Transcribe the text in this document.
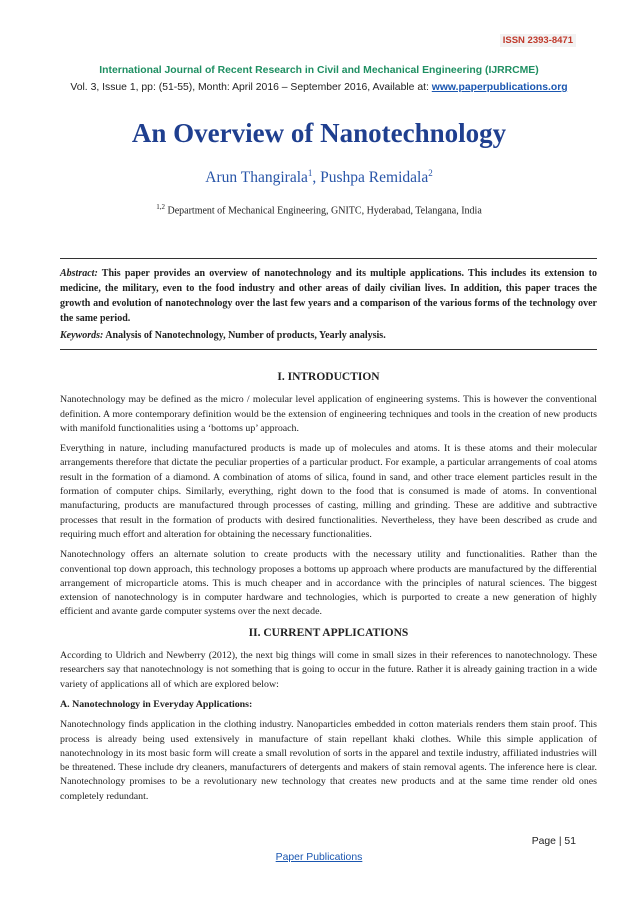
ISSN 2393-8471
International Journal of Recent Research in Civil and Mechanical Engineering (IJRRCME)
Vol. 3, Issue 1, pp: (51-55), Month: April 2016 – September 2016, Available at: www.paperpublications.org
An Overview of Nanotechnology
Arun Thangirala$^1$, Pushpa Remidala$^2$
$^{1,2}$ Department of Mechanical Engineering, GNITC, Hyderabad, Telangana, India
Abstract: This paper provides an overview of nanotechnology and its multiple applications. This includes its extension to medicine, the military, even to the food industry and other areas of daily civilian lives. In addition, this paper traces the growth and evolution of nanotechnology over the last few years and a comparison of the various forms of the technology over the same period.
Keywords: Analysis of Nanotechnology, Number of products, Yearly analysis.
I. INTRODUCTION

Nanotechnology may be defined as the micro / molecular level application of engineering systems. This is however the conventional definition. A more contemporary definition would be the extension of engineering techniques and tools in the creation of new products with manifold functionalities using a ‘bottoms up’ approach.

Everything in nature, including manufactured products is made up of molecules and atoms. It is these atoms and their molecular arrangements therefore that dictate the peculiar properties of a particular product. For example, a particular arrangements of coal atoms result in the formation of a diamond. A combination of atoms of silica, found in sand, and other trace element particles result in the formation of computer chips. Similarly, everything, right down to the food that is consumed is made of atoms. In conventional manufacturing, products are manufactured through processes of casting, milling and grinding. These are additive and subtractive processes that result in the formation of products with desired functionalities. Nevertheless, they have been described as crude and requiring much effort and alteration for obtaining the necessary functionalities.

Nanotechnology offers an alternate solution to create products with the necessary utility and functionalities. Rather than the conventional top down approach, this technology proposes a bottoms up approach where products are manufactured by the differential arrangement of microparticle atoms. This is much cheaper and in accordance with the principles of natural sciences. The biggest extension of nanotechnology is in computer hardware and technologies, which is purported to create a new generation of highly efficient and avante garde computer systems over the next decade.

II. CURRENT APPLICATIONS

According to Uldrich and Newberry (2012), the next big things will come in small sizes in their references to nanotechnology. These researchers say that nanotechnology is not something that is going to occur in the future. Rather it is already gaining traction in a wide variety of applications all of which are explored below:

A. Nanotechnology in Everyday Applications:

Nanotechnology finds application in the clothing industry. Nanoparticles embedded in cotton materials renders them stain proof. This process is already being used extensively in manufacture of stain repellant khaki clothes. While this simple application of nanotechnology in its most basic form will create a small revolution of sorts in the apparel and textile industry, affiliated industries will be threatened. These include dry cleaners, manufacturers of detergents and makers of stain removal agents. The inference here is clear. Nanotechnology promises to be a revolutionary new technology that creates new products and at the same time render old ones completely redundant.

Page | 51
Paper Publications
